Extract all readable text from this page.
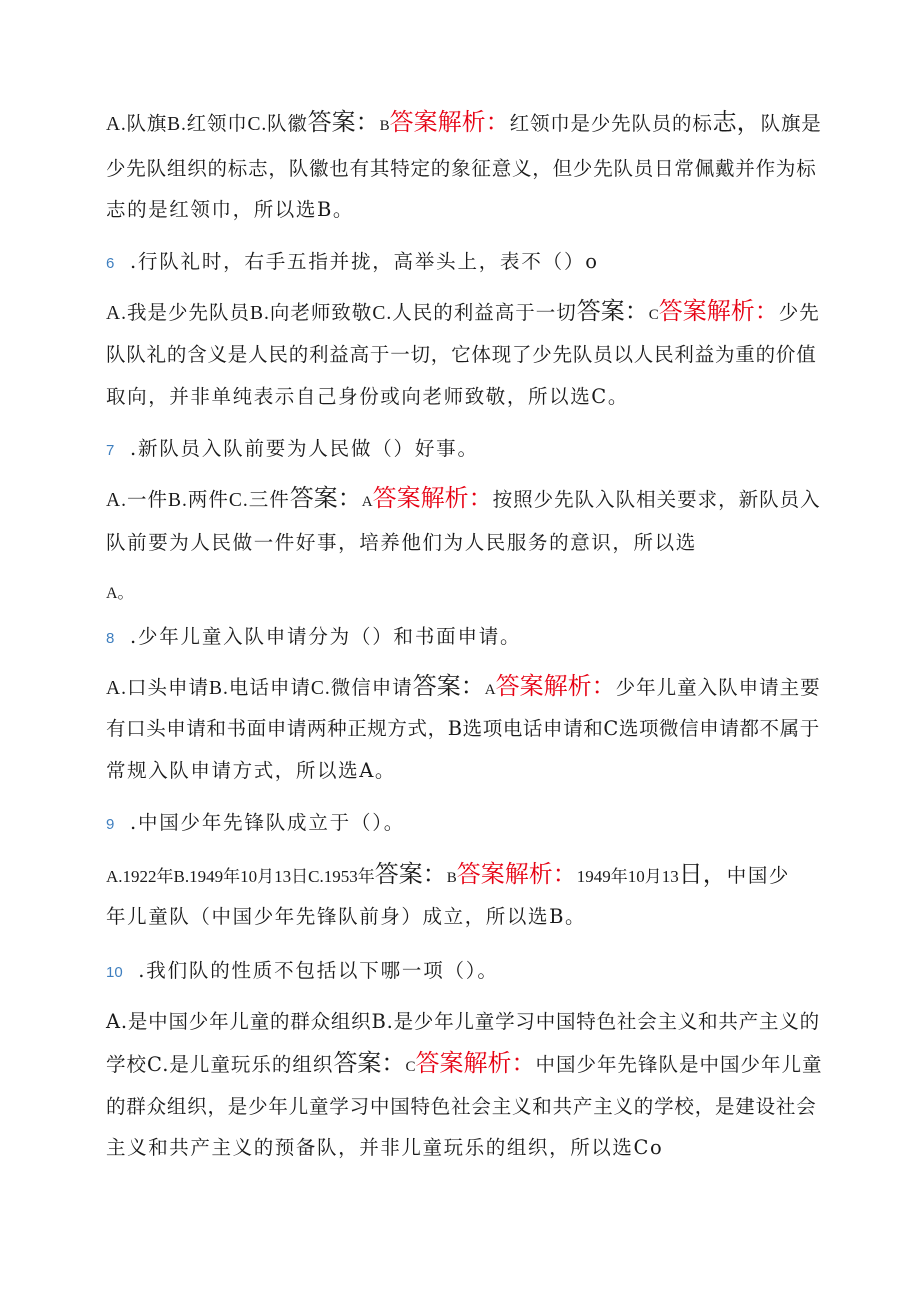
A.队旗B.红领巾C.队徽答案：B答案解析：红领巾是少先队员的标志，队旗是
少先队组织的标志，队徽也有其特定的象征意义，但少先队员日常佩戴并作为标
志的是红领巾，所以选B。
6 .行队礼时，右手五指并拢，高举头上，表不（）o
A.我是少先队员B.向老师致敬C.人民的利益高于一切答案：C答案解析：少先
队队礼的含义是人民的利益高于一切，它体现了少先队员以人民利益为重的价值
取向，并非单纯表示自己身份或向老师致敬，所以选C。
7 .新队员入队前要为人民做（）好事。
A.一件B.两件C.三件答案：A答案解析：按照少先队入队相关要求，新队员入
队前要为人民做一件好事，培养他们为人民服务的意识，所以选
A。
8 .少年儿童入队申请分为（）和书面申请。
A.口头申请B.电话申请C.微信申请答案：A答案解析：少年儿童入队申请主要
有口头申请和书面申请两种正规方式，B选项电话申请和C选项微信申请都不属于
常规入队申请方式，所以选A。
9 .中国少年先锋队成立于（）。
A.1922年B.1949年10月13日C.1953年答案：B答案解析：1949年10月13日，中国少
年儿童队（中国少年先锋队前身）成立，所以选B。
10 .我们队的性质不包括以下哪一项（）。
A.是中国少年儿童的群众组织B.是少年儿童学习中国特色社会主义和共产主义的
学校C.是儿童玩乐的组织答案：C答案解析：中国少年先锋队是中国少年儿童
的群众组织，是少年儿童学习中国特色社会主义和共产主义的学校，是建设社会
主义和共产主义的预备队，并非儿童玩乐的组织，所以选Co
